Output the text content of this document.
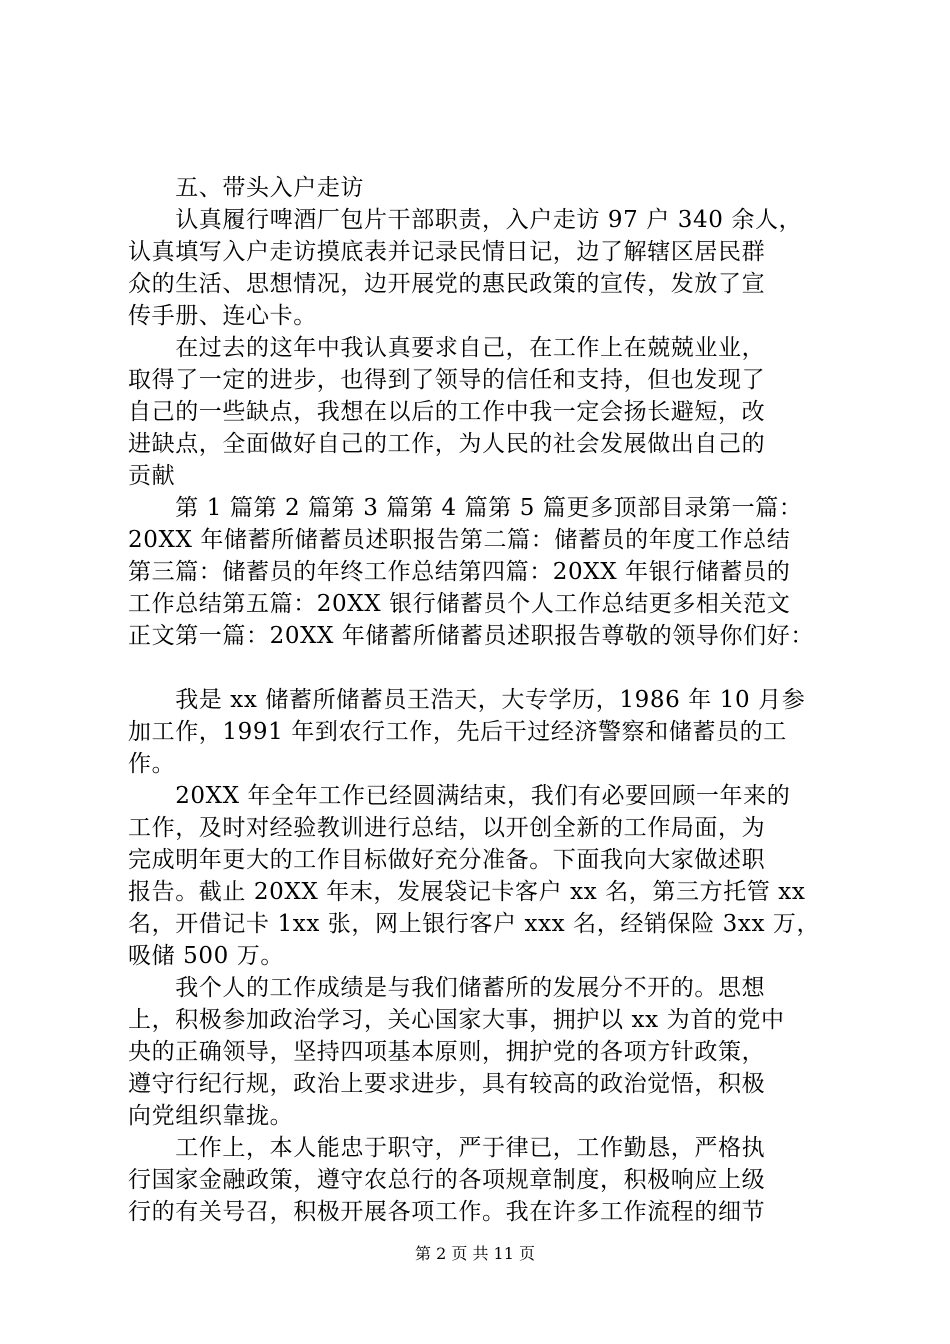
　　五、带头入户走访
　　认真履行啤酒厂包片干部职责，入户走访 97 户 340 余人，
认真填写入户走访摸底表并记录民情日记，边了解辖区居民群
众的生活、思想情况，边开展党的惠民政策的宣传，发放了宣
传手册、连心卡。
　　在过去的这年中我认真要求自己，在工作上在兢兢业业，
取得了一定的进步，也得到了领导的信任和支持，但也发现了
自己的一些缺点，我想在以后的工作中我一定会扬长避短，改
进缺点，全面做好自己的工作，为人民的社会发展做出自己的
贡献
　　第 1 篇第 2 篇第 3 篇第 4 篇第 5 篇更多顶部目录第一篇：
20XX 年储蓄所储蓄员述职报告第二篇：储蓄员的年度工作总结
第三篇：储蓄员的年终工作总结第四篇：20XX 年银行储蓄员的
工作总结第五篇：20XX 银行储蓄员个人工作总结更多相关范文
正文第一篇：20XX 年储蓄所储蓄员述职报告尊敬的领导你们好：
　　我是 xx 储蓄所储蓄员王浩天，大专学历，1986 年 10 月参
加工作，1991 年到农行工作，先后干过经济警察和储蓄员的工
作。
　　20XX 年全年工作已经圆满结束，我们有必要回顾一年来的
工作，及时对经验教训进行总结，以开创全新的工作局面，为
完成明年更大的工作目标做好充分准备。下面我向大家做述职
报告。截止 20XX 年末，发展袋记卡客户 xx 名，第三方托管 xx
名，开借记卡 1xx 张，网上银行客户 xxx 名，经销保险 3xx 万，
吸储 500 万。
　　我个人的工作成绩是与我们储蓄所的发展分不开的。思想
上，积极参加政治学习，关心国家大事，拥护以 xx 为首的党中
央的正确领导，坚持四项基本原则，拥护党的各项方针政策，
遵守行纪行规，政治上要求进步，具有较高的政治觉悟，积极
向党组织靠拢。
　　工作上，本人能忠于职守，严于律已，工作勤恳，严格执
行国家金融政策，遵守农总行的各项规章制度，积极响应上级
行的有关号召，积极开展各项工作。我在许多工作流程的细节
第 2 页 共 11 页
